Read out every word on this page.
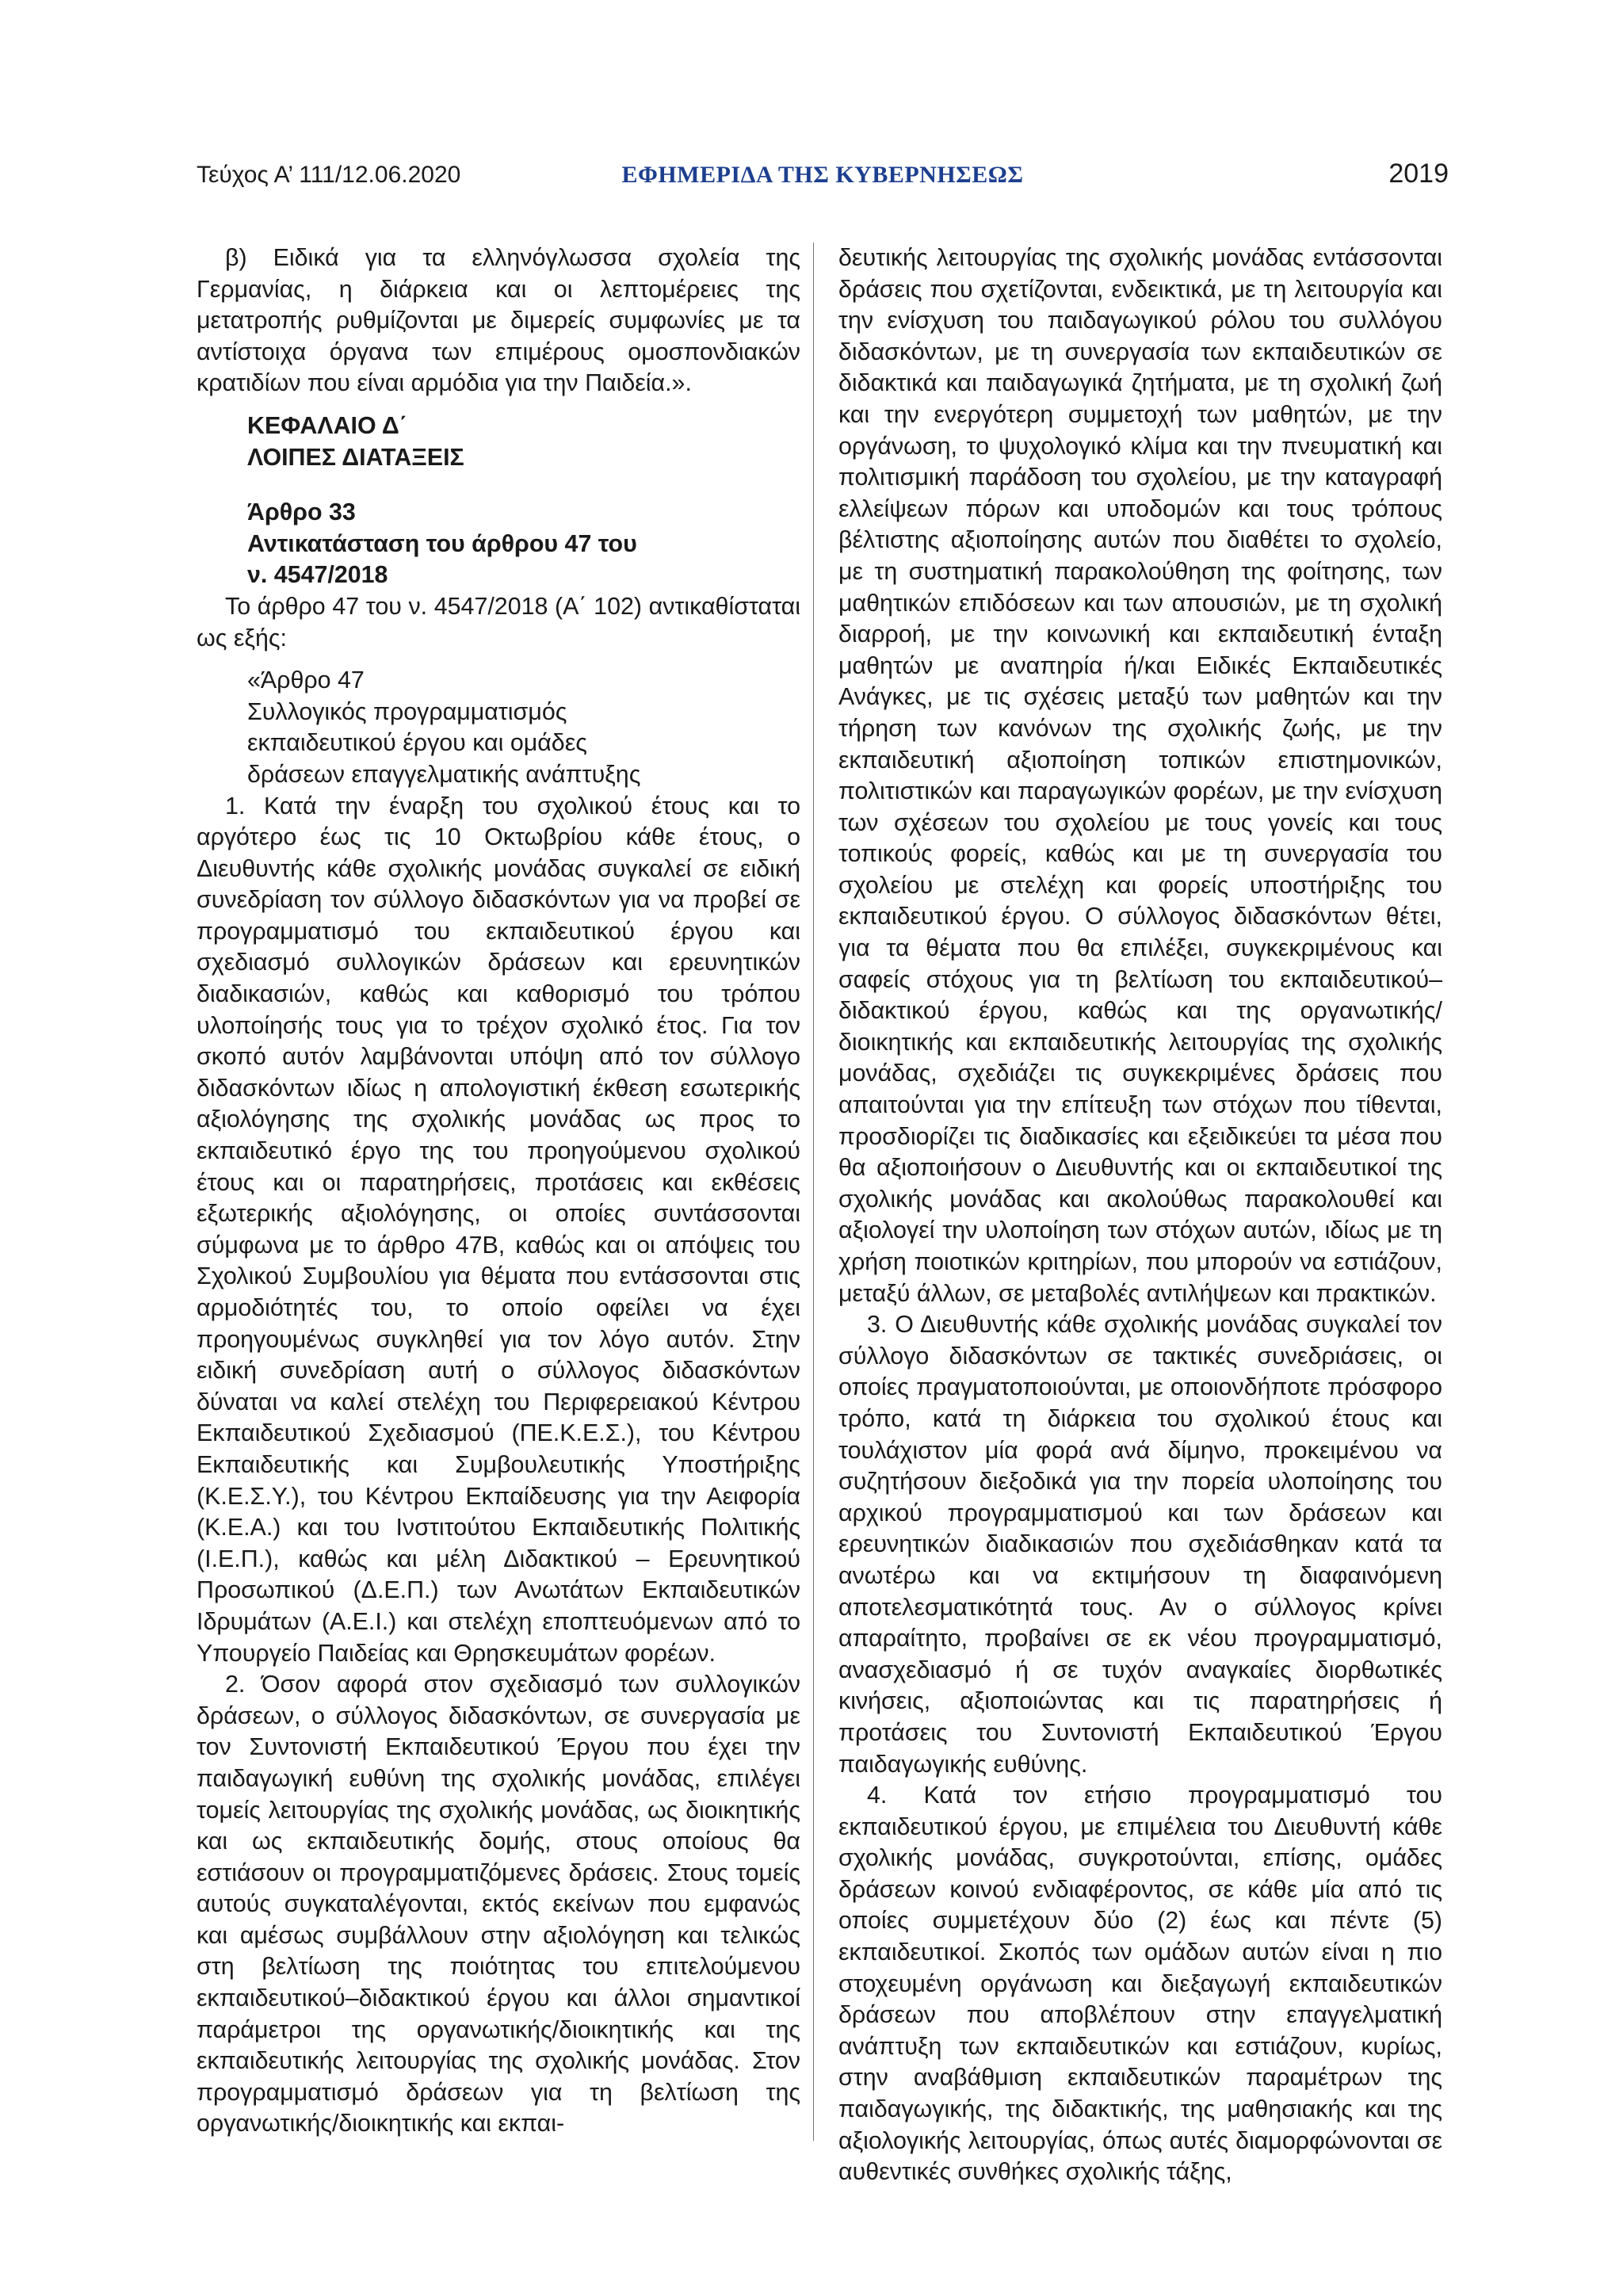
Τεύχος Α’ 111/12.06.2020	ΕΦΗΜΕΡΙΔΑ ΤΗΣ ΚΥΒΕΡΝΗΣΕΩΣ	2019

β) Ειδικά για τα ελληνόγλωσσα σχολεία της Γερμανίας, η διάρκεια και οι λεπτομέρειες της μετατροπής ρυθμίζονται με διμερείς συμφωνίες με τα αντίστοιχα όργανα των επιμέρους ομοσπονδιακών κρατιδίων που είναι αρμόδια για την Παιδεία.».

ΚΕΦΑΛΑΙΟ Δ΄
ΛΟΙΠΕΣ ΔΙΑΤΑΞΕΙΣ
Άρθρο 33
Αντικατάσταση του άρθρου 47 του
ν. 4547/2018

Το άρθρο 47 του ν. 4547/2018 (Α΄ 102) αντικαθίσταται ως εξής:

«Άρθρο 47
Συλλογικός προγραμματισμός
εκπαιδευτικού έργου και ομάδες
δράσεων επαγγελματικής ανάπτυξης

1. Κατά την έναρξη του σχολικού έτους και το αργότερο έως τις 10 Οκτωβρίου κάθε έτους, ο Διευθυντής κάθε σχολικής μονάδας συγκαλεί σε ειδική συνεδρίαση τον σύλλογο διδασκόντων για να προβεί σε προγραμματισμό του εκπαιδευτικού έργου και σχεδιασμό συλλογικών δράσεων και ερευνητικών διαδικασιών, καθώς και καθορισμό του τρόπου υλοποίησής τους για το τρέχον σχολικό έτος. Για τον σκοπό αυτόν λαμβάνονται υπόψη από τον σύλλογο διδασκόντων ιδίως η απολογιστική έκθεση εσωτερικής αξιολόγησης της σχολικής μονάδας ως προς το εκπαιδευτικό έργο της του προηγούμενου σχολικού έτους και οι παρατηρήσεις, προτάσεις και εκθέσεις εξωτερικής αξιολόγησης, οι οποίες συντάσσονται σύμφωνα με το άρθρο 47Β, καθώς και οι απόψεις του Σχολικού Συμβουλίου για θέματα που εντάσσονται στις αρμοδιότητές του, το οποίο οφείλει να έχει προηγουμένως συγκληθεί για τον λόγο αυτόν. Στην ειδική συνεδρίαση αυτή ο σύλλογος διδασκόντων δύναται να καλεί στελέχη του Περιφερειακού Κέντρου Εκπαιδευτικού Σχεδιασμού (ΠΕ.Κ.Ε.Σ.), του Κέντρου Εκπαιδευτικής και Συμβουλευτικής Υποστήριξης (Κ.Ε.Σ.Υ.), του Κέντρου Εκπαίδευσης για την Αειφορία (Κ.Ε.Α.) και του Ινστιτούτου Εκπαιδευτικής Πολιτικής (Ι.Ε.Π.), καθώς και μέλη Διδακτικού – Ερευνητικού Προσωπικού (Δ.Ε.Π.) των Ανωτάτων Εκπαιδευτικών Ιδρυμάτων (Α.Ε.Ι.) και στελέχη εποπτευόμενων από το Υπουργείο Παιδείας και Θρησκευμάτων φορέων.

2. Όσον αφορά στον σχεδιασμό των συλλογικών δράσεων, ο σύλλογος διδασκόντων, σε συνεργασία με τον Συντονιστή Εκπαιδευτικού Έργου που έχει την παιδαγωγική ευθύνη της σχολικής μονάδας, επιλέγει τομείς λειτουργίας της σχολικής μονάδας, ως διοικητικής και ως εκπαιδευτικής δομής, στους οποίους θα εστιάσουν οι προγραμματιζόμενες δράσεις. Στους τομείς αυτούς συγκαταλέγονται, εκτός εκείνων που εμφανώς και αμέσως συμβάλλουν στην αξιολόγηση και τελικώς στη βελτίωση της ποιότητας του επιτελούμενου εκπαιδευτικού–διδακτικού έργου και άλλοι σημαντικοί παράμετροι της οργανωτικής/διοικητικής και της εκπαιδευτικής λειτουργίας της σχολικής μονάδας. Στον προγραμματισμό δράσεων για τη βελτίωση της οργανωτικής/διοικητικής και εκπαι-

δευτικής λειτουργίας της σχολικής μονάδας εντάσσονται δράσεις που σχετίζονται, ενδεικτικά, με τη λειτουργία και την ενίσχυση του παιδαγωγικού ρόλου του συλλόγου διδασκόντων, με τη συνεργασία των εκπαιδευτικών σε διδακτικά και παιδαγωγικά ζητήματα, με τη σχολική ζωή και την ενεργότερη συμμετοχή των μαθητών, με την οργάνωση, το ψυχολογικό κλίμα και την πνευματική και πολιτισμική παράδοση του σχολείου, με την καταγραφή ελλείψεων πόρων και υποδομών και τους τρόπους βέλτιστης αξιοποίησης αυτών που διαθέτει το σχολείο, με τη συστηματική παρακολούθηση της φοίτησης, των μαθητικών επιδόσεων και των απουσιών, με τη σχολική διαρροή, με την κοινωνική και εκπαιδευτική ένταξη μαθητών με αναπηρία ή/και Ειδικές Εκπαιδευτικές Ανάγκες, με τις σχέσεις μεταξύ των μαθητών και την τήρηση των κανόνων της σχολικής ζωής, με την εκπαιδευτική αξιοποίηση τοπικών επιστημονικών, πολιτιστικών και παραγωγικών φορέων, με την ενίσχυση των σχέσεων του σχολείου με τους γονείς και τους τοπικούς φορείς, καθώς και με τη συνεργασία του σχολείου με στελέχη και φορείς υποστήριξης του εκπαιδευτικού έργου. Ο σύλλογος διδασκόντων θέτει, για τα θέματα που θα επιλέξει, συγκεκριμένους και σαφείς στόχους για τη βελτίωση του εκπαιδευτικού–διδακτικού έργου, καθώς και της οργανωτικής/διοικητικής και εκπαιδευτικής λειτουργίας της σχολικής μονάδας, σχεδιάζει τις συγκεκριμένες δράσεις που απαιτούνται για την επίτευξη των στόχων που τίθενται, προσδιορίζει τις διαδικασίες και εξειδικεύει τα μέσα που θα αξιοποιήσουν ο Διευθυντής και οι εκπαιδευτικοί της σχολικής μονάδας και ακολούθως παρακολουθεί και αξιολογεί την υλοποίηση των στόχων αυτών, ιδίως με τη χρήση ποιοτικών κριτηρίων, που μπορούν να εστιάζουν, μεταξύ άλλων, σε μεταβολές αντιλήψεων και πρακτικών.

3. Ο Διευθυντής κάθε σχολικής μονάδας συγκαλεί τον σύλλογο διδασκόντων σε τακτικές συνεδριάσεις, οι οποίες πραγματοποιούνται, με οποιονδήποτε πρόσφορο τρόπο, κατά τη διάρκεια του σχολικού έτους και τουλάχιστον μία φορά ανά δίμηνο, προκειμένου να συζητήσουν διεξοδικά για την πορεία υλοποίησης του αρχικού προγραμματισμού και των δράσεων και ερευνητικών διαδικασιών που σχεδιάσθηκαν κατά τα ανωτέρω και να εκτιμήσουν τη διαφαινόμενη αποτελεσματικότητά τους. Αν ο σύλλογος κρίνει απαραίτητο, προβαίνει σε εκ νέου προγραμματισμό, ανασχεδιασμό ή σε τυχόν αναγκαίες διορθωτικές κινήσεις, αξιοποιώντας και τις παρατηρήσεις ή προτάσεις του Συντονιστή Εκπαιδευτικού Έργου παιδαγωγικής ευθύνης.

4. Κατά τον ετήσιο προγραμματισμό του εκπαιδευτικού έργου, με επιμέλεια του Διευθυντή κάθε σχολικής μονάδας, συγκροτούνται, επίσης, ομάδες δράσεων κοινού ενδιαφέροντος, σε κάθε μία από τις οποίες συμμετέχουν δύο (2) έως και πέντε (5) εκπαιδευτικοί. Σκοπός των ομάδων αυτών είναι η πιο στοχευμένη οργάνωση και διεξαγωγή εκπαιδευτικών δράσεων που αποβλέπουν στην επαγγελματική ανάπτυξη των εκπαιδευτικών και εστιάζουν, κυρίως, στην αναβάθμιση εκπαιδευτικών παραμέτρων της παιδαγωγικής, της διδακτικής, της μαθησιακής και της αξιολογικής λειτουργίας, όπως αυτές διαμορφώνονται σε αυθεντικές συνθήκες σχολικής τάξης,
